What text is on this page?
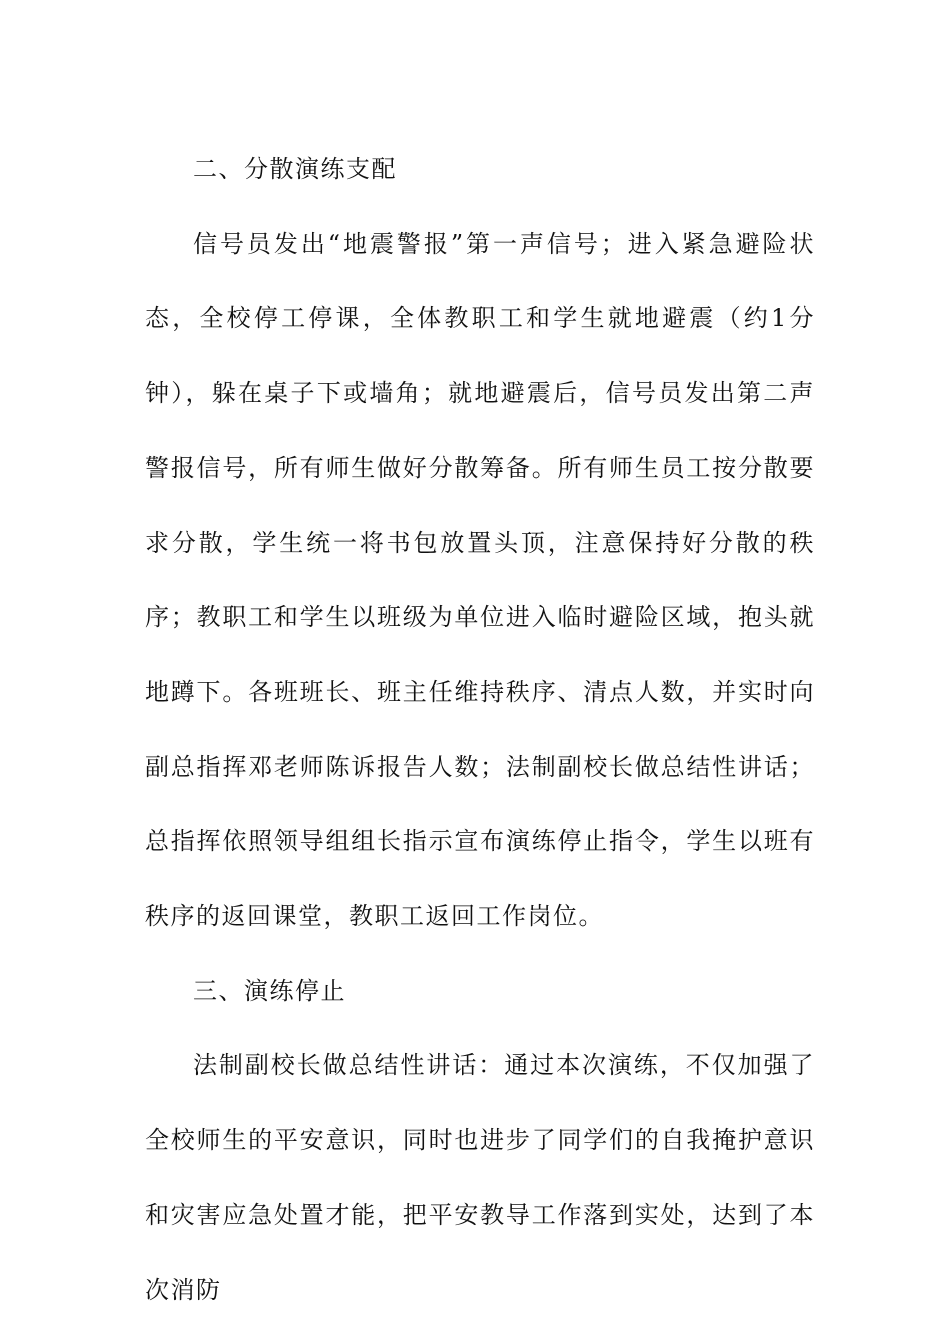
二、分散演练支配

信号员发出“地震警报”第一声信号；进入紧急避险状态，全校停工停课，全体教职工和学生就地避震（约1分钟），躲在桌子下或墙角；就地避震后，信号员发出第二声警报信号，所有师生做好分散筹备。所有师生员工按分散要求分散，学生统一将书包放置头顶，注意保持好分散的秩序；教职工和学生以班级为单位进入临时避险区域，抱头就地蹲下。各班班长、班主任维持秩序、清点人数，并实时向副总指挥邓老师陈诉报告人数；法制副校长做总结性讲话；总指挥依照领导组组长指示宣布演练停止指令，学生以班有秩序的返回课堂，教职工返回工作岗位。

三、演练停止

法制副校长做总结性讲话：通过本次演练，不仅加强了全校师生的平安意识，同时也进步了同学们的自我掩护意识和灾害应急处置才能，把平安教导工作落到实处，达到了本次消防
